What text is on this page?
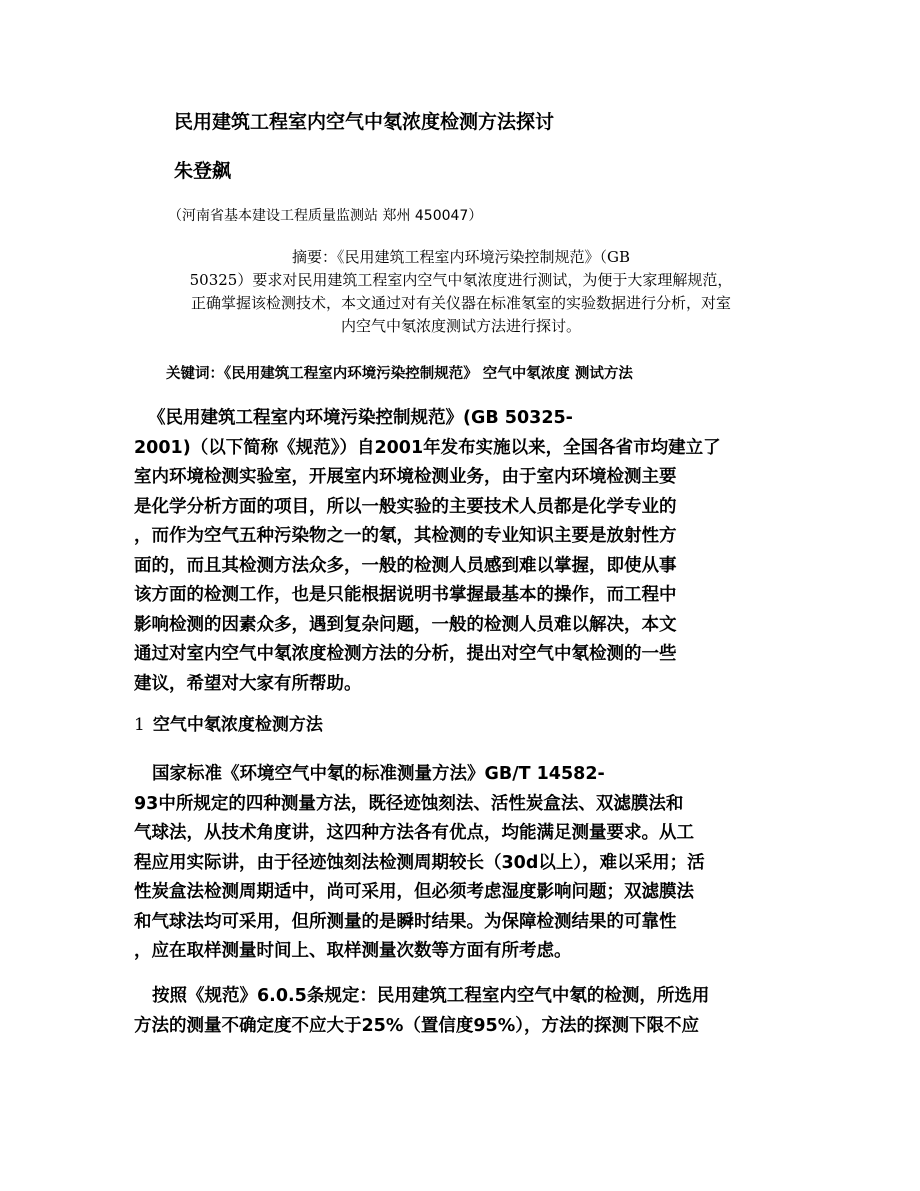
民用建筑工程室内空气中氡浓度检测方法探讨
朱登飙
（河南省基本建设工程质量监测站 郑州 450047）
摘要：《民用建筑工程室内环境污染控制规范》（GB
50325）要求对民用建筑工程室内空气中氡浓度进行测试，为便于大家理解规范，
正确掌握该检测技术，本文通过对有关仪器在标准氡室的实验数据进行分析，对室
内空气中氡浓度测试方法进行探讨。
关键词：《民用建筑工程室内环境污染控制规范》 空气中氡浓度 测试方法
《民用建筑工程室内环境污染控制规范》(GB 50325-
2001)（以下简称《规范》）自2001年发布实施以来，全国各省市均建立了
室内环境检测实验室，开展室内环境检测业务，由于室内环境检测主要
是化学分析方面的项目，所以一般实验的主要技术人员都是化学专业的
，而作为空气五种污染物之一的氡，其检测的专业知识主要是放射性方
面的，而且其检测方法众多，一般的检测人员感到难以掌握，即使从事
该方面的检测工作，也是只能根据说明书掌握最基本的操作，而工程中
影响检测的因素众多，遇到复杂问题，一般的检测人员难以解决，本文
通过对室内空气中氡浓度检测方法的分析，提出对空气中氡检测的一些
建议，希望对大家有所帮助。
1 空气中氡浓度检测方法
国家标准《环境空气中氡的标准测量方法》GB/T 14582-
93中所规定的四种测量方法，既径迹蚀刻法、活性炭盒法、双滤膜法和
气球法，从技术角度讲，这四种方法各有优点，均能满足测量要求。从工
程应用实际讲，由于径迹蚀刻法检测周期较长（30d以上），难以采用；活
性炭盒法检测周期适中，尚可采用，但必须考虑湿度影响问题；双滤膜法
和气球法均可采用，但所测量的是瞬时结果。为保障检测结果的可靠性
，应在取样测量时间上、取样测量次数等方面有所考虑。
按照《规范》6.0.5条规定：民用建筑工程室内空气中氡的检测，所选用
方法的测量不确定度不应大于25%（置信度95%），方法的探测下限不应
